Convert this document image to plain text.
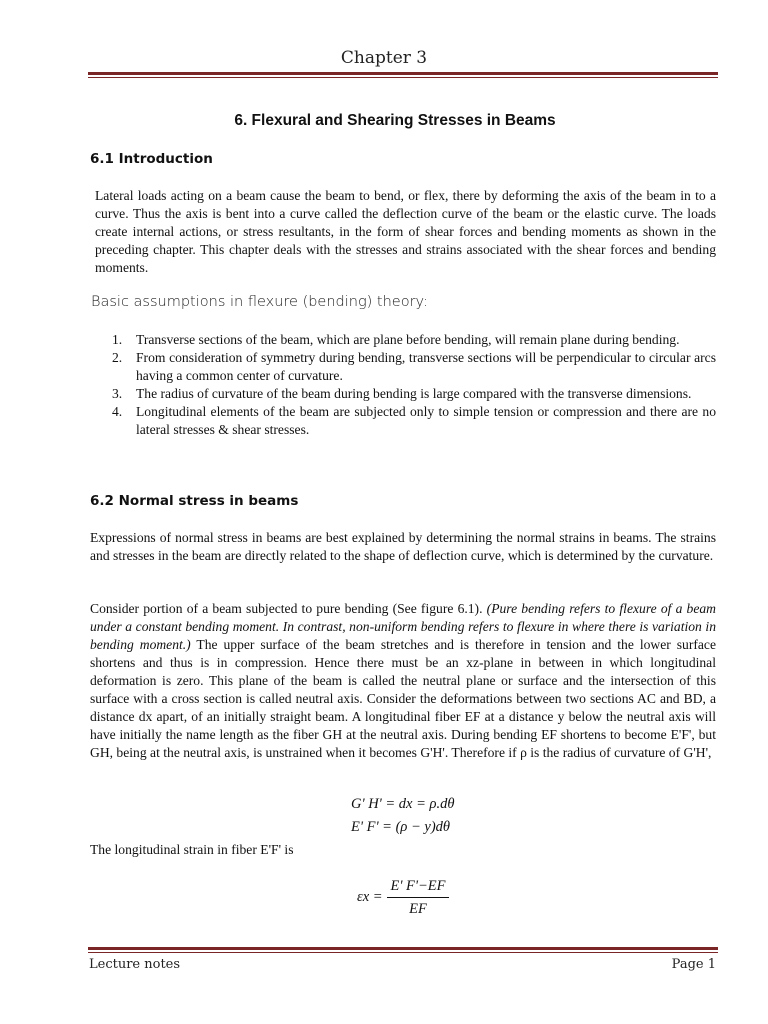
Chapter 3
6. Flexural and Shearing Stresses in Beams
6.1 Introduction

Lateral loads acting on a beam cause the beam to bend, or flex, there by deforming the axis of the beam in to a curve. Thus the axis is bent into a curve called the deflection curve of the beam or the elastic curve. The loads create internal actions, or stress resultants, in the form of shear forces and bending moments as shown in the preceding chapter. This chapter deals with the stresses and strains associated with the shear forces and bending moments.

Basic assumptions in flexure (bending) theory:
1. Transverse sections of the beam, which are plane before bending, will remain plane during bending.
2. From consideration of symmetry during bending, transverse sections will be perpendicular to circular arcs having a common center of curvature.
3. The radius of curvature of the beam during bending is large compared with the transverse dimensions.
4. Longitudinal elements of the beam are subjected only to simple tension or compression and there are no lateral stresses & shear stresses.
6.2 Normal stress in beams

Expressions of normal stress in beams are best explained by determining the normal strains in beams. The strains and stresses in the beam are directly related to the shape of deflection curve, which is determined by the curvature.

Consider portion of a beam subjected to pure bending (See figure 6.1). (Pure bending refers to flexure of a beam under a constant bending moment. In contrast, non-uniform bending refers to flexure in where there is variation in bending moment.) The upper surface of the beam stretches and is therefore in tension and the lower surface shortens and thus is in compression. Hence there must be an xz-plane in between in which longitudinal deformation is zero. This plane of the beam is called the neutral plane or surface and the intersection of this surface with a cross section is called neutral axis. Consider the deformations between two sections AC and BD, a distance dx apart, of an initially straight beam. A longitudinal fiber EF at a distance y below the neutral axis will have initially the name length as the fiber GH at the neutral axis. During bending EF shortens to become E'F', but GH, being at the neutral axis, is unstrained when it becomes G'H'. Therefore if ρ is the radius of curvature of G'H',

G' H' = dx = ρ.dθ
E' F' = (ρ − y)dθ

The longitudinal strain in fiber E'F' is

εx =
E' F'−EF
EF
Lecture notes	Page 1
